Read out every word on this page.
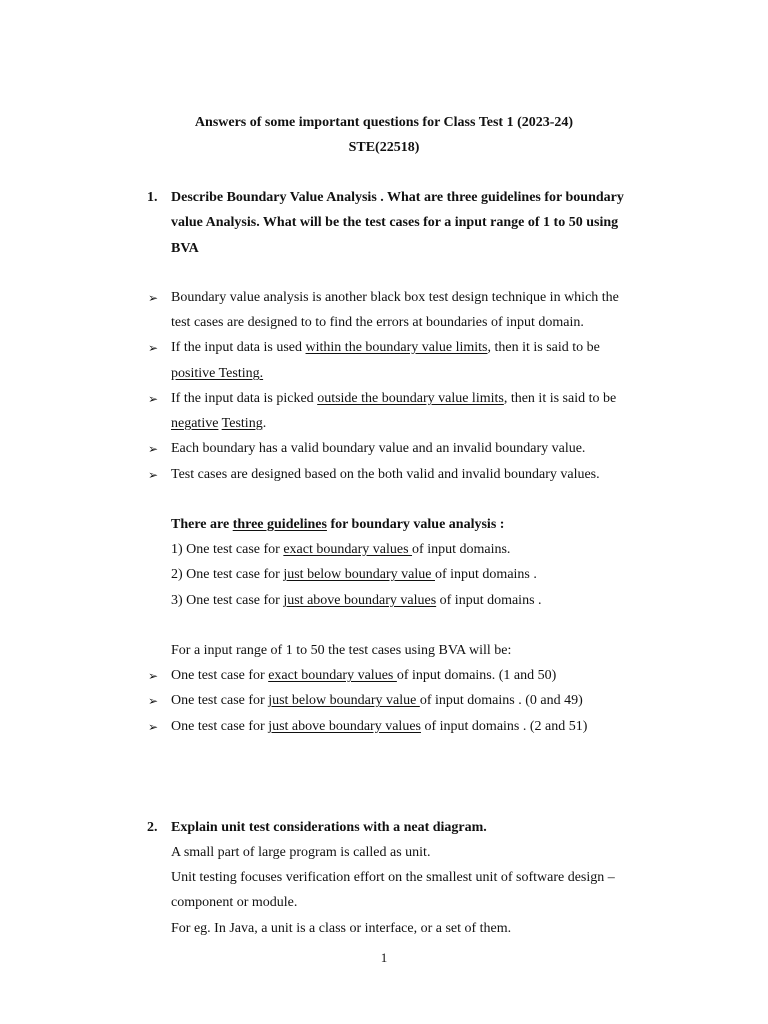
Answers of some important questions for Class Test 1 (2023-24)
STE(22518)
1. Describe Boundary Value Analysis . What are three guidelines for boundary
value Analysis. What will be the test cases for a input range of 1 to 50 using
BVA
➢ Boundary value analysis is another black box test design technique in which the
test cases are designed to to find the errors at boundaries of input domain.
➢ If the input data is used within the boundary value limits, then it is said to be
positive Testing.
➢ If the input data is picked outside the boundary value limits, then it is said to be
negative Testing.
➢ Each boundary has a valid boundary value and an invalid boundary value.
➢ Test cases are designed based on the both valid and invalid boundary values.
There are three guidelines for boundary value analysis :
1) One test case for exact boundary values of input domains.
2) One test case for just below boundary value of input domains .
3) One test case for just above boundary values of input domains .
For a input range of 1 to 50 the test cases using BVA will be:
➢ One test case for exact boundary values of input domains. (1 and 50)
➢ One test case for just below boundary value of input domains . (0 and 49)
➢ One test case for just above boundary values of input domains . (2 and 51)
2. Explain unit test considerations with a neat diagram.
A small part of large program is called as unit.
Unit testing focuses verification effort on the smallest unit of software design –
component or module.
For eg. In Java, a unit is a class or interface, or a set of them.
1
